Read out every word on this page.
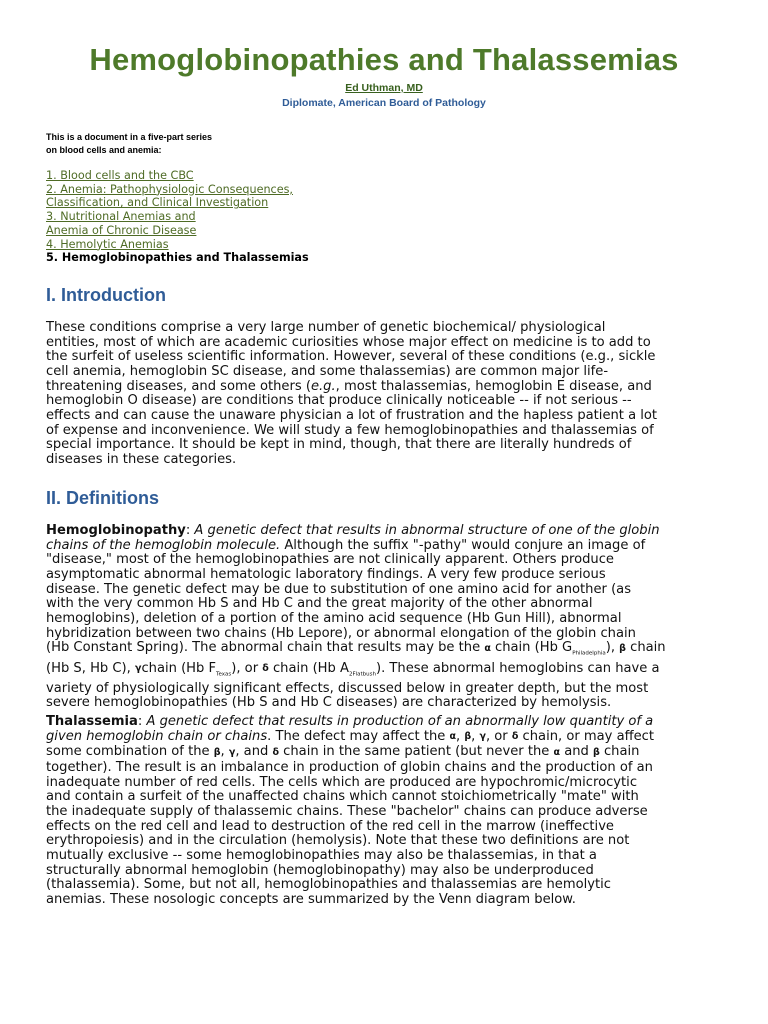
Hemoglobinopathies and Thalassemias
Ed Uthman, MD
Diplomate, American Board of Pathology
This is a document in a five-part series
on blood cells and anemia:
1. Blood cells and the CBC
2. Anemia: Pathophysiologic Consequences,
Classification, and Clinical Investigation
3. Nutritional Anemias and
Anemia of Chronic Disease
4. Hemolytic Anemias
5. Hemoglobinopathies and Thalassemias
I. Introduction

These conditions comprise a very large number of genetic biochemical/ physiological

entities, most of which are academic curiosities whose major effect on medicine is to add to

the surfeit of useless scientific information. However, several of these conditions (e.g., sickle

cell anemia, hemoglobin SC disease, and some thalassemias) are common major life-

threatening diseases, and some others (e.g., most thalassemias, hemoglobin E disease, and

hemoglobin O disease) are conditions that produce clinically noticeable -- if not serious --

effects and can cause the unaware physician a lot of frustration and the hapless patient a lot

of expense and inconvenience. We will study a few hemoglobinopathies and thalassemias of

special importance. It should be kept in mind, though, that there are literally hundreds of

diseases in these categories.

II. Definitions

Hemoglobinopathy: A genetic defect that results in abnormal structure of one of the globin

chains of the hemoglobin molecule. Although the suffix "-pathy" would conjure an image of

"disease," most of the hemoglobinopathies are not clinically apparent. Others produce

asymptomatic abnormal hematologic laboratory findings. A very few produce serious

disease. The genetic defect may be due to substitution of one amino acid for another (as

with the very common Hb S and Hb C and the great majority of the other abnormal

hemoglobins), deletion of a portion of the amino acid sequence (Hb Gun Hill), abnormal

hybridization between two chains (Hb Lepore), or abnormal elongation of the globin chain

(Hb Constant Spring). The abnormal chain that results may be the α chain (Hb $G_{Philadelphia}$), β chain

(Hb S, Hb C), γchain (Hb $F_{Texas}$), or δ chain (Hb $A_{2Flatbush}$). These abnormal hemoglobins can have a

variety of physiologically significant effects, discussed below in greater depth, but the most

severe hemoglobinopathies (Hb S and Hb C diseases) are characterized by hemolysis.

Thalassemia: A genetic defect that results in production of an abnormally low quantity of a

given hemoglobin chain or chains. The defect may affect the α, β, γ, or δ chain, or may affect

some combination of the β, γ, and δ chain in the same patient (but never the α and β chain

together). The result is an imbalance in production of globin chains and the production of an

inadequate number of red cells. The cells which are produced are hypochromic/microcytic

and contain a surfeit of the unaffected chains which cannot stoichiometrically "mate" with

the inadequate supply of thalassemic chains. These "bachelor" chains can produce adverse

effects on the red cell and lead to destruction of the red cell in the marrow (ineffective

erythropoiesis) and in the circulation (hemolysis). Note that these two definitions are not

mutually exclusive -- some hemoglobinopathies may also be thalassemias, in that a

structurally abnormal hemoglobin (hemoglobinopathy) may also be underproduced

(thalassemia). Some, but not all, hemoglobinopathies and thalassemias are hemolytic

anemias. These nosologic concepts are summarized by the Venn diagram below.
